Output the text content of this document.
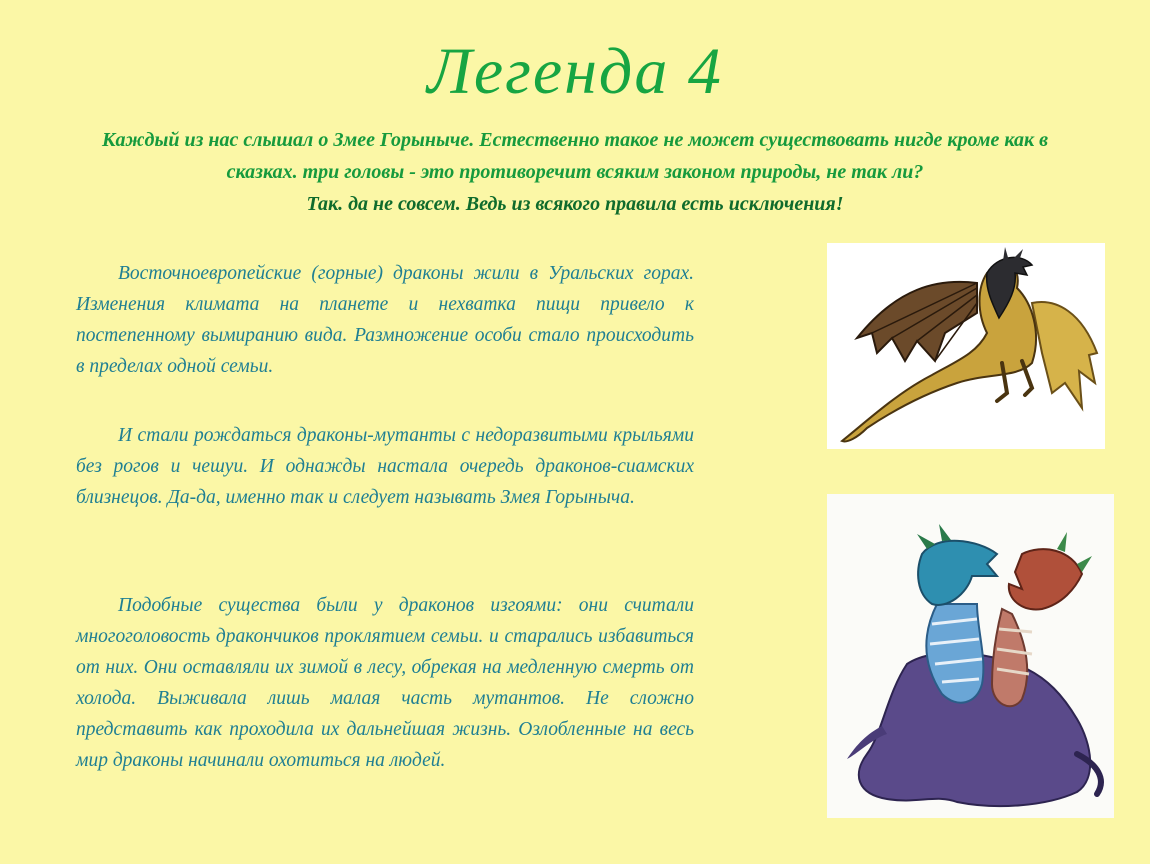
Легенда 4
Каждый из нас слышал о Змее Горыныче. Естественно такое не может существовать нигде кроме как в
сказках. три головы - это противоречит всяким законом природы, не так ли?
Так. да не совсем. Ведь из всякого правила есть исключения!

Восточноевропейские (горные) драконы жили в Уральских горах. Изменения климата на планете и нехватка пищи привело к постепенному вымиранию вида. Размножение особи стало происходить в пределах одной семьи.

И стали рождаться драконы-мутанты с недоразвитыми крыльями без рогов и чешуи. И однажды настала очередь драконов-сиамских близнецов. Да-да, именно так и следует называть Змея Горыныча.

Подобные существа были у драконов изгоями: они считали многоголовость дракончиков проклятием семьи. и старались избавиться от них. Они оставляли их зимой в лесу, обрекая на медленную смерть от холода. Выживала лишь малая часть мутантов. Не сложно представить как проходила их дальнейшая жизнь. Озлобленные на весь мир драконы начинали охотиться на людей.
